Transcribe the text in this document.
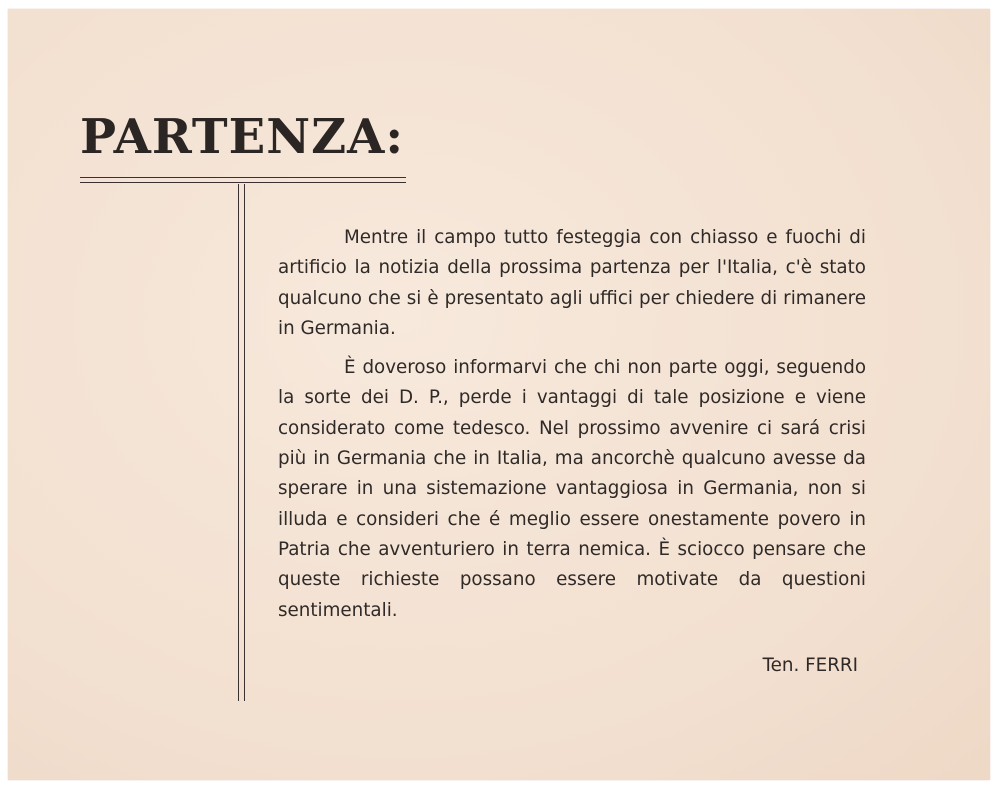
PARTENZA:

Mentre il campo tutto festeggia con chiasso e fuochi di artificio la notizia della prossima partenza per l'Italia, c'è stato qualcuno che si è presentato agli uffici per chiedere di rimanere in Germania.

È doveroso informarvi che chi non parte oggi, seguendo la sorte dei D. P., perde i vantaggi di tale posizione e viene considerato come tedesco. Nel prossimo avvenire ci sará crisi più in Germania che in Italia, ma ancorchè qualcuno avesse da sperare in una sistemazione vantaggiosa in Germania, non si illuda e consideri che é meglio essere onestamente povero in Patria che avventuriero in terra nemica. È sciocco pensare che queste richieste possano essere motivate da questioni sentimentali.

Ten. FERRI
